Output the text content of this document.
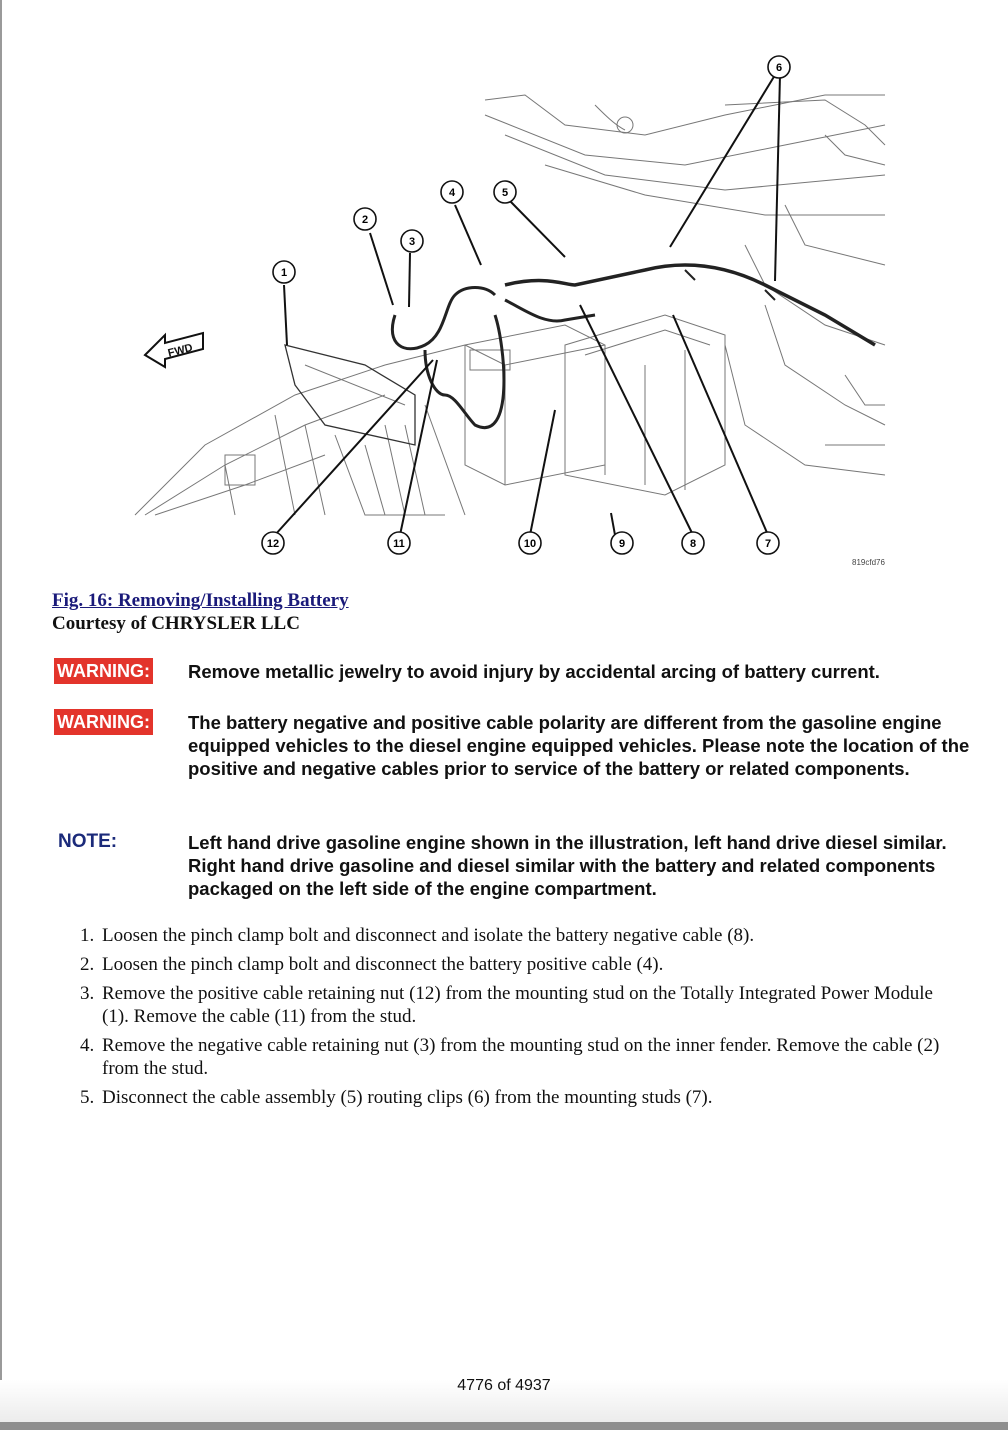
FWD
1
2
3
4	5
6
7
8
9
10
11
12
819cfd76
Fig. 16: Removing/Installing Battery
Courtesy of CHRYSLER LLC
WARNING: Remove metallic jewelry to avoid injury by accidental arcing of battery current.
WARNING: The battery negative and positive cable polarity are different from the gasoline engine equipped vehicles to the diesel engine equipped vehicles. Please note the location of the positive and negative cables prior to service of the battery or related components.
NOTE:	Left hand drive gasoline engine shown in the illustration, left hand drive diesel similar. Right hand drive gasoline and diesel similar with the battery and related components packaged on the left side of the engine compartment.
1. Loosen the pinch clamp bolt and disconnect and isolate the battery negative cable (8).
2. Loosen the pinch clamp bolt and disconnect the battery positive cable (4).
3. Remove the positive cable retaining nut (12) from the mounting stud on the Totally Integrated Power Module (1). Remove the cable (11) from the stud.
4. Remove the negative cable retaining nut (3) from the mounting stud on the inner fender. Remove the cable (2) from the stud.
5. Disconnect the cable assembly (5) routing clips (6) from the mounting studs (7).
4776 of 4937
